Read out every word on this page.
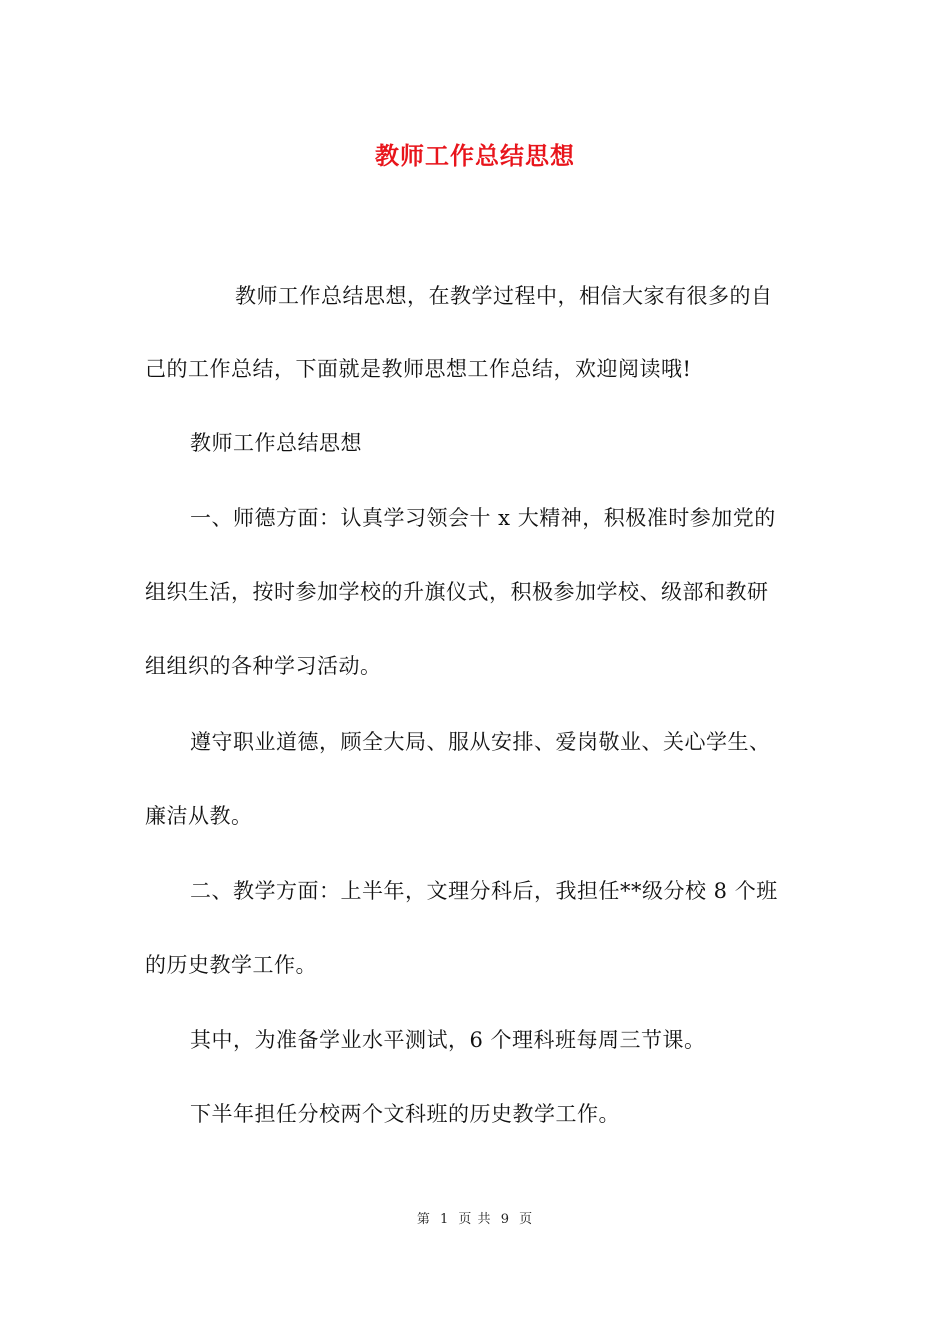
教师工作总结思想
教师工作总结思想，在教学过程中，相信大家有很多的自
己的工作总结，下面就是教师思想工作总结，欢迎阅读哦!
教师工作总结思想
一、师德方面：认真学习领会十 x 大精神，积极准时参加党的
组织生活，按时参加学校的升旗仪式，积极参加学校、级部和教研
组组织的各种学习活动。
遵守职业道德，顾全大局、服从安排、爱岗敬业、关心学生、
廉洁从教。
二、教学方面：上半年，文理分科后，我担任**级分校 8 个班
的历史教学工作。
其中，为准备学业水平测试，6 个理科班每周三节课。
下半年担任分校两个文科班的历史教学工作。
第 1 页 共 9 页
